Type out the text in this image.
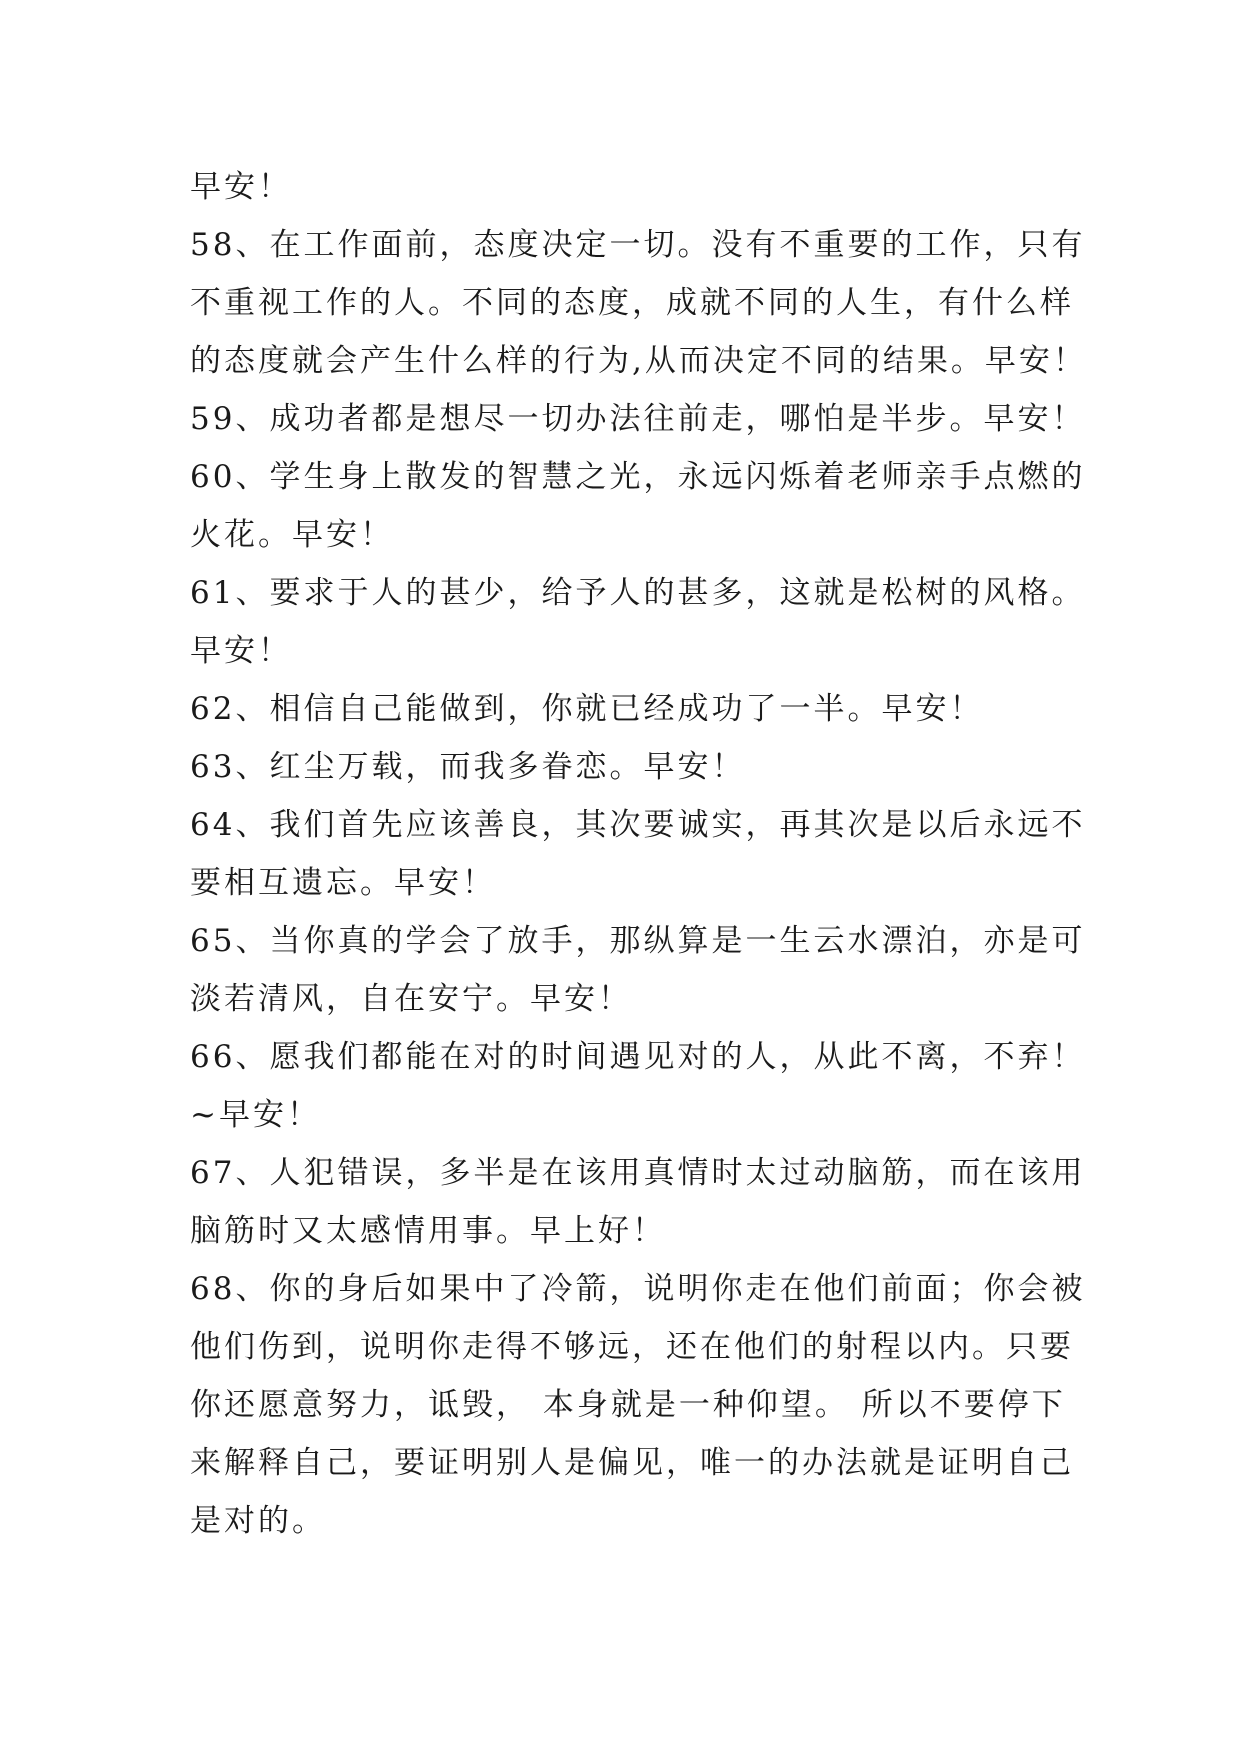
早安！
58、在工作面前，态度决定一切。没有不重要的工作，只有
不重视工作的人。不同的态度，成就不同的人生，有什么样
的态度就会产生什么样的行为,从而决定不同的结果。早安！
59、成功者都是想尽一切办法往前走，哪怕是半步。早安！
60、学生身上散发的智慧之光，永远闪烁着老师亲手点燃的
火花。早安！
61、要求于人的甚少，给予人的甚多，这就是松树的风格。
早安！
62、相信自己能做到，你就已经成功了一半。早安！
63、红尘万载，而我多眷恋。早安！
64、我们首先应该善良，其次要诚实，再其次是以后永远不
要相互遗忘。早安！
65、当你真的学会了放手，那纵算是一生云水漂泊，亦是可
淡若清风，自在安宁。早安！
66、愿我们都能在对的时间遇见对的人，从此不离，不弃！
~早安！
67、人犯错误，多半是在该用真情时太过动脑筋，而在该用
脑筋时又太感情用事。早上好！
68、你的身后如果中了冷箭，说明你走在他们前面；你会被
他们伤到，说明你走得不够远，还在他们的射程以内。只要
你还愿意努力，诋毁， 本身就是一种仰望。 所以不要停下
来解释自己，要证明别人是偏见，唯一的办法就是证明自己
是对的。
